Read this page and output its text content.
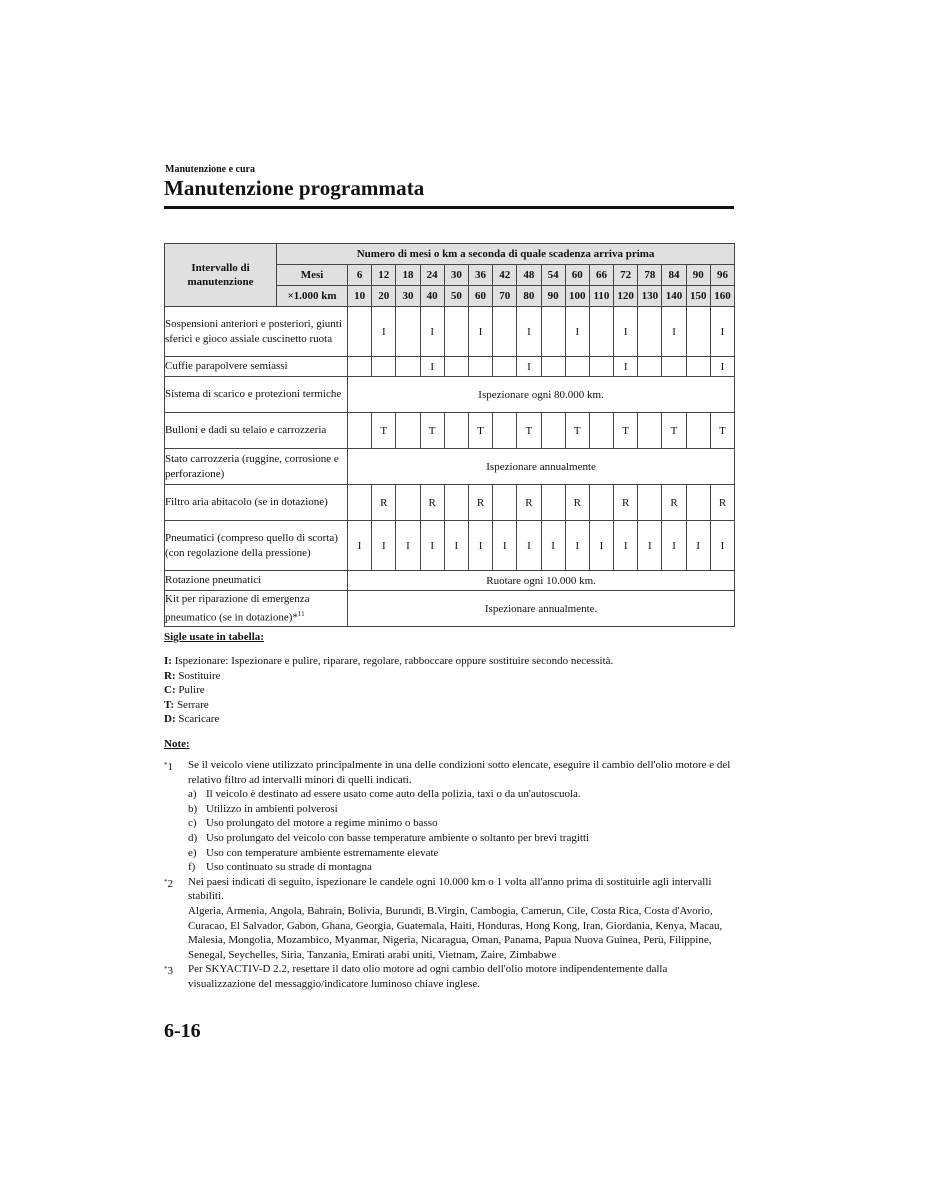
Manutenzione e cura
Manutenzione programmata
Intervallo di manutenzione	Numero di mesi o km a seconda di quale scadenza arriva prima																
	Mesi	6	12	18	24	30	36	42	48	54	60	66	72	78	84	90	96
	×1.000 km	10	20	30	40	50	60	70	80	90	100	110	120	130	140	150	160
Sospensioni anteriori e posteriori, giunti sferici e gioco assiale cuscinetto ruota			I		I		I		I		I		I		I		I
Cuffie parapolvere semiassi					I				I				I				I
Sistema di scarico e protezioni termiche		Ispezionare ogni 80.000 km.															
Bulloni e dadi su telaio e carrozzeria			T		T		T		T		T		T		T		T
Stato carrozzeria (ruggine, corrosione e perforazione)		Ispezionare annualmente															
Filtro aria abitacolo (se in dotazione)			R		R		R		R		R		R		R		R
Pneumatici (compreso quello di scorta) (con regolazione della pressione)		I	I	I	I	I	I	I	I	I	I	I	I	I	I	I	I
Rotazione pneumatici		Ruotare ogni 10.000 km.															
Kit per riparazione di emergenza pneumatico (se in dotazione)*$^{11}$		Ispezionare annualmente.															
Sigle usate in tabella:
I: Ispezionare: Ispezionare e pulire, riparare, regolare, rabboccare oppure sostituire secondo necessità.
R: Sostituire
C: Pulire
T: Serrare
D: Scaricare
Note:
*1 Se il veicolo viene utilizzato principalmente in una delle condizioni sotto elencate, eseguire il cambio dell'olio motore e del relativo filtro ad intervalli minori di quelli indicati.
a) Il veicolo è destinato ad essere usato come auto della polizia, taxi o da un'autoscuola.
b) Utilizzo in ambienti polverosi
c) Uso prolungato del motore a regime minimo o basso
d) Uso prolungato del veicolo con basse temperature ambiente o soltanto per brevi tragitti
e) Uso con temperature ambiente estremamente elevate
f) Uso continuato su strade di montagna
*2 Nei paesi indicati di seguito, ispezionare le candele ogni 10.000 km o 1 volta all'anno prima di sostituirle agli intervalli stabiliti.
Algeria, Armenia, Angola, Bahrain, Bolivia, Burundi, B.Virgin, Cambogia, Camerun, Cile, Costa Rica, Costa d'Avorio, Curacao, El Salvador, Gabon, Ghana, Georgia, Guatemala, Haiti, Honduras, Hong Kong, Iran, Giordania, Kenya, Macau, Malesia, Mongolia, Mozambico, Myanmar, Nigeria, Nicaragua, Oman, Panama, Papua Nuova Guinea, Perù, Filippine, Senegal, Seychelles, Siria, Tanzania, Emirati arabi uniti, Vietnam, Zaire, Zimbabwe
*3 Per SKYACTIV-D 2.2, resettare il dato olio motore ad ogni cambio dell'olio motore indipendentemente dalla visualizzazione del messaggio/indicatore luminoso chiave inglese.
6-16
